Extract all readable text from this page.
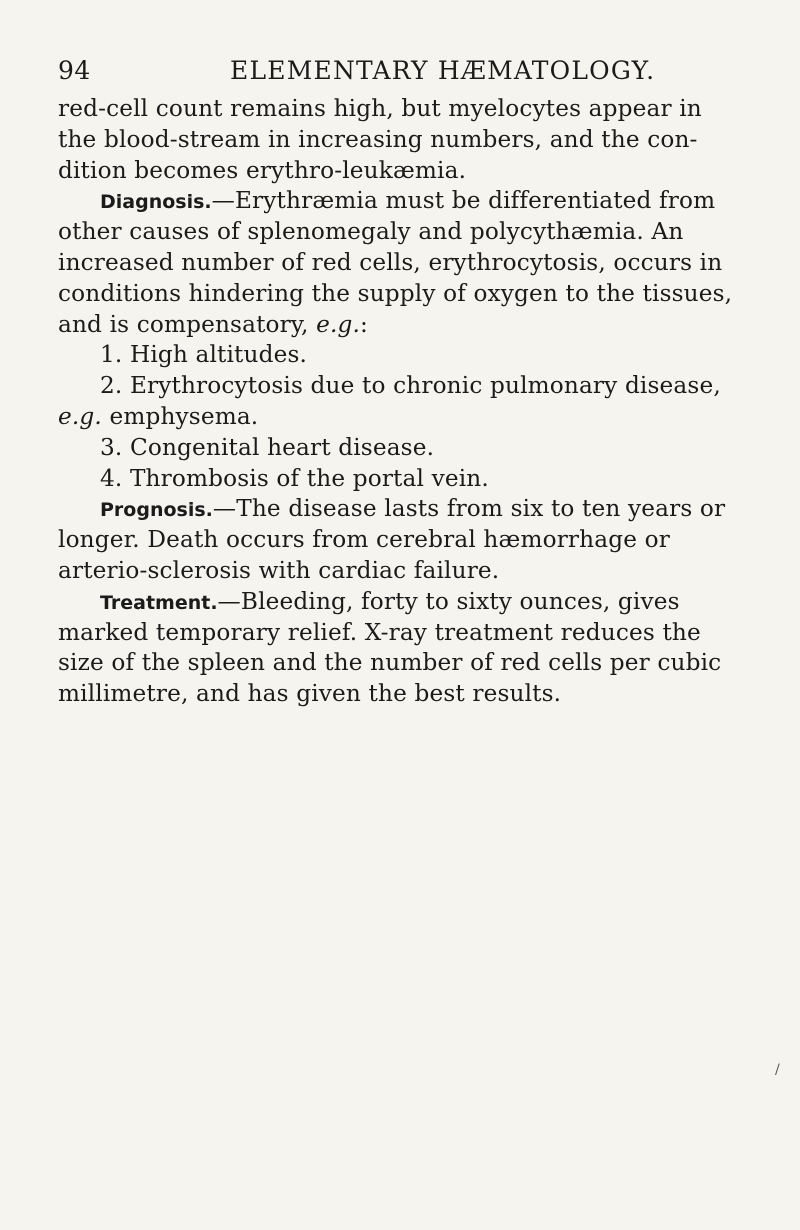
94	ELEMENTARY HÆMATOLOGY.
red-cell count remains high, but myelocytes appear in
the blood-stream in increasing numbers, and the con-
dition becomes erythro-leukæmia.
Diagnosis.—Erythræmia must be differentiated from
other causes of splenomegaly and polycythæmia. An
increased number of red cells, erythrocytosis, occurs in
conditions hindering the supply of oxygen to the tissues,
and is compensatory, e.g.:
1. High altitudes.
2. Erythrocytosis due to chronic pulmonary disease,
e.g. emphysema.
3. Congenital heart disease.
4. Thrombosis of the portal vein.
Prognosis.—The disease lasts from six to ten years or
longer. Death occurs from cerebral hæmorrhage or
arterio-sclerosis with cardiac failure.
Treatment.—Bleeding, forty to sixty ounces, gives
marked temporary relief. X-ray treatment reduces the
size of the spleen and the number of red cells per cubic
millimetre, and has given the best results.
/
